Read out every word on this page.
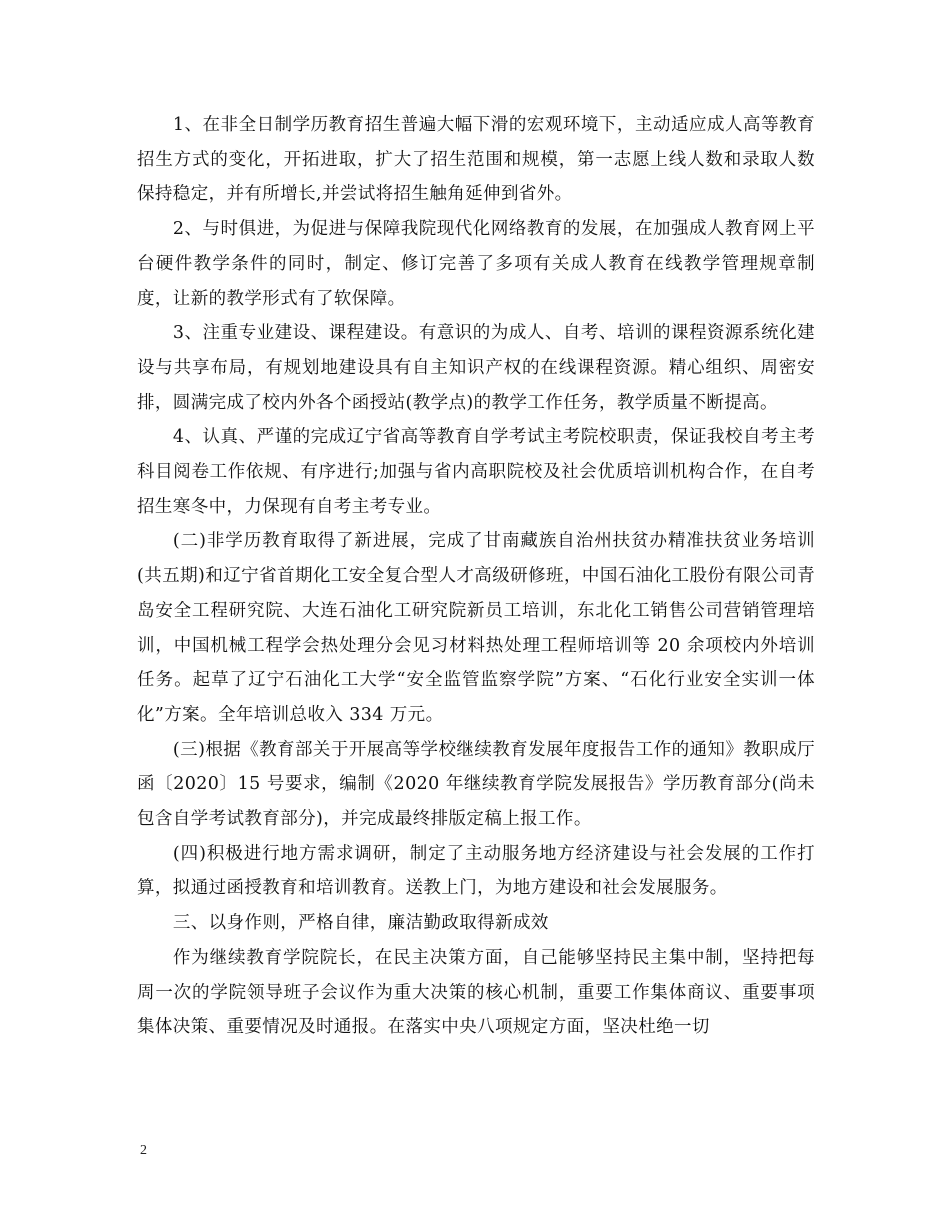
1、在非全日制学历教育招生普遍大幅下滑的宏观环境下，主动适应成人高等教育招生方式的变化，开拓进取，扩大了招生范围和规模，第一志愿上线人数和录取人数保持稳定，并有所增长,并尝试将招生触角延伸到省外。

2、与时俱进，为促进与保障我院现代化网络教育的发展，在加强成人教育网上平台硬件教学条件的同时，制定、修订完善了多项有关成人教育在线教学管理规章制度，让新的教学形式有了软保障。

3、注重专业建设、课程建设。有意识的为成人、自考、培训的课程资源系统化建设与共享布局，有规划地建设具有自主知识产权的在线课程资源。精心组织、周密安排，圆满完成了校内外各个函授站(教学点)的教学工作任务，教学质量不断提高。

4、认真、严谨的完成辽宁省高等教育自学考试主考院校职责，保证我校自考主考科目阅卷工作依规、有序进行;加强与省内高职院校及社会优质培训机构合作，在自考招生寒冬中，力保现有自考主考专业。

(二)非学历教育取得了新进展，完成了甘南藏族自治州扶贫办精准扶贫业务培训(共五期)和辽宁省首期化工安全复合型人才高级研修班，中国石油化工股份有限公司青岛安全工程研究院、大连石油化工研究院新员工培训，东北化工销售公司营销管理培训，中国机械工程学会热处理分会见习材料热处理工程师培训等 20 余项校内外培训任务。起草了辽宁石油化工大学“安全监管监察学院”方案、“石化行业安全实训一体化”方案。全年培训总收入 334 万元。

(三)根据《教育部关于开展高等学校继续教育发展年度报告工作的通知》教职成厅函〔2020〕15 号要求，编制《2020 年继续教育学院发展报告》学历教育部分(尚未包含自学考试教育部分)，并完成最终排版定稿上报工作。

(四)积极进行地方需求调研，制定了主动服务地方经济建设与社会发展的工作打算，拟通过函授教育和培训教育。送教上门，为地方建设和社会发展服务。

三、以身作则，严格自律，廉洁勤政取得新成效

作为继续教育学院院长，在民主决策方面，自己能够坚持民主集中制，坚持把每周一次的学院领导班子会议作为重大决策的核心机制，重要工作集体商议、重要事项集体决策、重要情况及时通报。在落实中央八项规定方面，坚决杜绝一切

2
